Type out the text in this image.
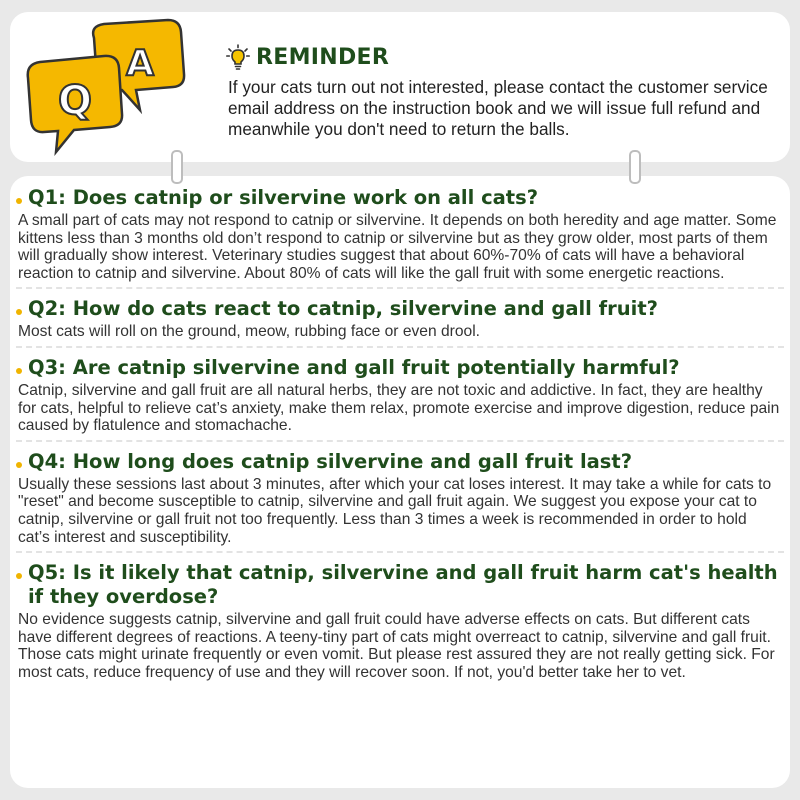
A
Q
REMINDER
If your cats turn out not interested, please contact the customer service email address on the instruction book and we will issue full refund and meanwhile you don't need to return the balls.
Q1: Does catnip or silvervine work on all cats?
A small part of cats may not respond to catnip or silvervine. It depends on both heredity and age matter. Some kittens less than 3 months old don’t respond to catnip or silvervine but as they grow older, most parts of them will gradually show interest. Veterinary studies suggest that about 60%-70% of cats will have a behavioral reaction to catnip and silvervine. About 80% of cats will like the gall fruit with some energetic reactions.
Q2: How do cats react to catnip, silvervine and gall fruit?
Most cats will roll on the ground, meow, rubbing face or even drool.
Q3: Are catnip silvervine and gall fruit potentially harmful?
Catnip, silvervine and gall fruit are all natural herbs, they are not toxic and addictive. In fact, they are healthy for cats, helpful to relieve cat’s anxiety, make them relax, promote exercise and improve digestion, reduce pain caused by flatulence and stomachache.
Q4: How long does catnip silvervine and gall fruit last?
Usually these sessions last about 3 minutes, after which your cat loses interest. It may take a while for cats to "reset" and become susceptible to catnip, silvervine and gall fruit again. We suggest you expose your cat to catnip, silvervine or gall fruit not too frequently. Less than 3 times a week is recommended in order to hold cat’s interest and susceptibility.
Q5: Is it likely that catnip, silvervine and gall fruit harm cat's health if they overdose?
No evidence suggests catnip, silvervine and gall fruit could have adverse effects on cats. But different cats have different degrees of reactions. A teeny-tiny part of cats might overreact to catnip, silvervine and gall fruit. Those cats might urinate frequently or even vomit. But please rest assured they are not really getting sick. For most cats, reduce frequency of use and they will recover soon. If not, you'd better take her to vet.
